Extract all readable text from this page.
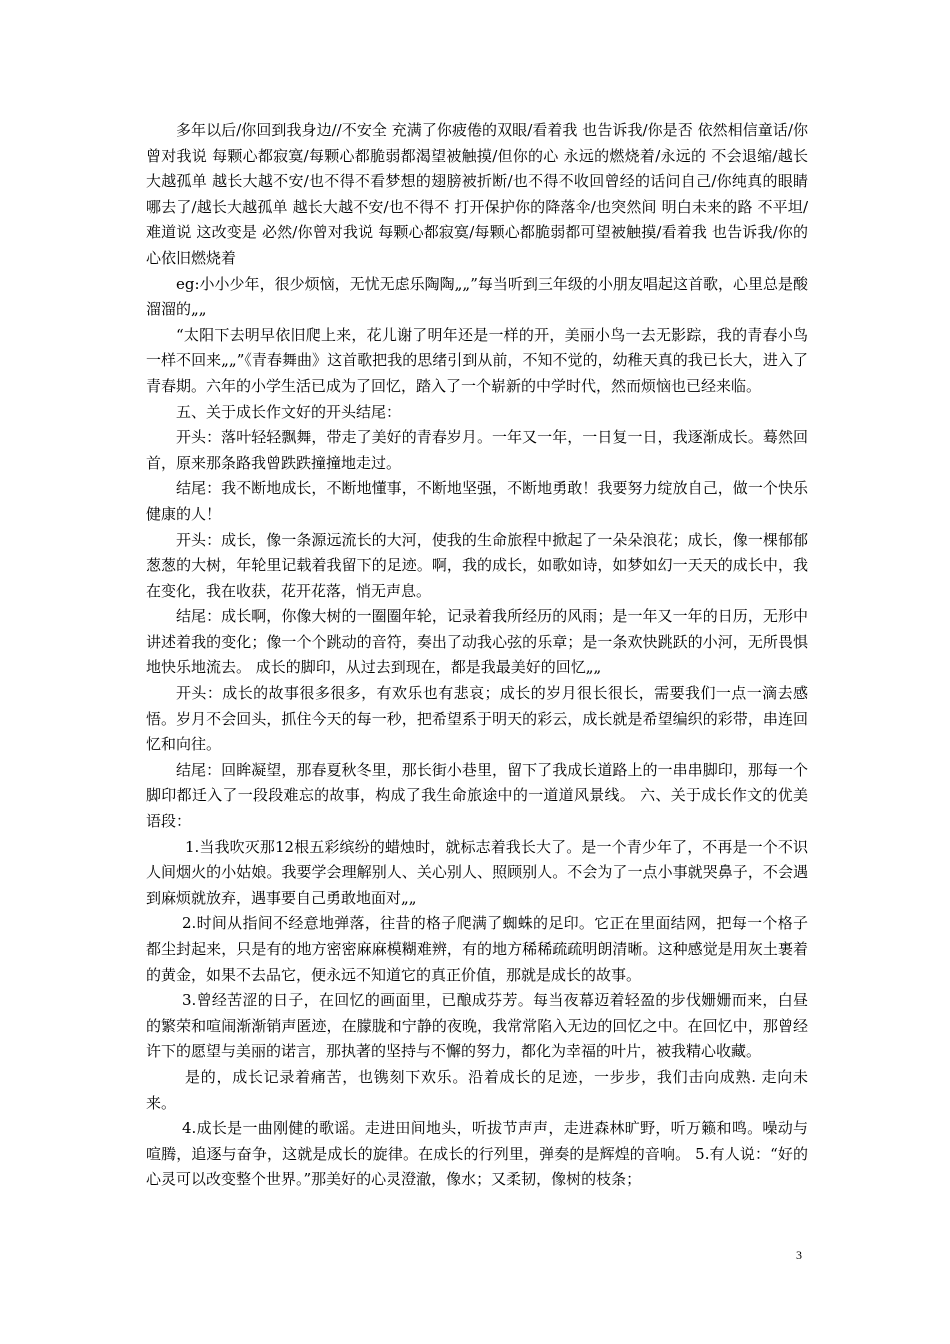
多年以后/你回到我身边//不安全 充满了你疲倦的双眼/看着我 也告诉我/你是否 依然相信童话/你曾对我说 每颗心都寂寞/每颗心都脆弱都渴望被触摸/但你的心 永远的燃烧着/永远的 不会退缩/越长大越孤单 越长大越不安/也不得不看梦想的翅膀被折断/也不得不收回曾经的话问自己/你纯真的眼睛哪去了/越长大越孤单 越长大越不安/也不得不 打开保护你的降落伞/也突然间 明白未来的路 不平坦/难道说 这改变是 必然/你曾对我说 每颗心都寂寞/每颗心都脆弱都可望被触摸/看着我 也告诉我/你的心依旧燃烧着

eg:小小少年，很少烦恼，无忧无虑乐陶陶„„”每当听到三年级的小朋友唱起这首歌，心里总是酸溜溜的„„

“太阳下去明早依旧爬上来，花儿谢了明年还是一样的开，美丽小鸟一去无影踪，我的青春小鸟一样不回来„„”《青春舞曲》这首歌把我的思绪引到从前，不知不觉的，幼稚天真的我已长大，进入了青春期。六年的小学生活已成为了回忆，踏入了一个崭新的中学时代，然而烦恼也已经来临。

五、关于成长作文好的开头结尾：

开头：落叶轻轻飘舞，带走了美好的青春岁月。一年又一年，一日复一日，我逐渐成长。蓦然回首，原来那条路我曾跌跌撞撞地走过。

结尾：我不断地成长，不断地懂事，不断地坚强，不断地勇敢！我要努力绽放自己，做一个快乐健康的人！

开头：成长，像一条源远流长的大河，使我的生命旅程中掀起了一朵朵浪花；成长，像一棵郁郁葱葱的大树，年轮里记载着我留下的足迹。啊，我的成长，如歌如诗，如梦如幻一天天的成长中，我在变化，我在收获，花开花落，悄无声息。

结尾：成长啊，你像大树的一圈圈年轮，记录着我所经历的风雨；是一年又一年的日历，无形中讲述着我的变化；像一个个跳动的音符，奏出了动我心弦的乐章；是一条欢快跳跃的小河，无所畏惧地快乐地流去。 成长的脚印，从过去到现在，都是我最美好的回忆„„

开头：成长的故事很多很多，有欢乐也有悲哀；成长的岁月很长很长，需要我们一点一滴去感悟。岁月不会回头，抓住今天的每一秒，把希望系于明天的彩云，成长就是希望编织的彩带，串连回忆和向往。

结尾：回眸凝望，那春夏秋冬里，那长街小巷里，留下了我成长道路上的一串串脚印，那每一个脚印都迁入了一段段难忘的故事，构成了我生命旅途中的一道道风景线。 六、关于成长作文的优美语段：

1.当我吹灭那12根五彩缤纷的蜡烛时，就标志着我长大了。是一个青少年了，不再是一个不识人间烟火的小姑娘。我要学会理解别人、关心别人、照顾别人。不会为了一点小事就哭鼻子，不会遇到麻烦就放弃，遇事要自己勇敢地面对„„

2.时间从指间不经意地弹落，往昔的格子爬满了蜘蛛的足印。它正在里面结网，把每一个格子都尘封起来，只是有的地方密密麻麻模糊难辨，有的地方稀稀疏疏明朗清晰。这种感觉是用灰土裹着的黄金，如果不去品它，便永远不知道它的真正价值，那就是成长的故事。

3.曾经苦涩的日子，在回忆的画面里，已酿成芬芳。每当夜幕迈着轻盈的步伐姗姗而来，白昼的繁荣和喧闹渐渐销声匿迹，在朦胧和宁静的夜晚，我常常陷入无边的回忆之中。在回忆中，那曾经许下的愿望与美丽的诺言，那执著的坚持与不懈的努力，都化为幸福的叶片，被我精心收藏。

是的，成长记录着痛苦，也镌刻下欢乐。沿着成长的足迹，一步步，我们击向成熟. 走向未来。

4.成长是一曲刚健的歌谣。走进田间地头，听拔节声声，走进森林旷野，听万籁和鸣。噪动与喧腾，追逐与奋争，这就是成长的旋律。在成长的行列里，弹奏的是辉煌的音响。 5.有人说：“好的心灵可以改变整个世界。”那美好的心灵澄澈，像水；又柔韧，像树的枝条；

3
